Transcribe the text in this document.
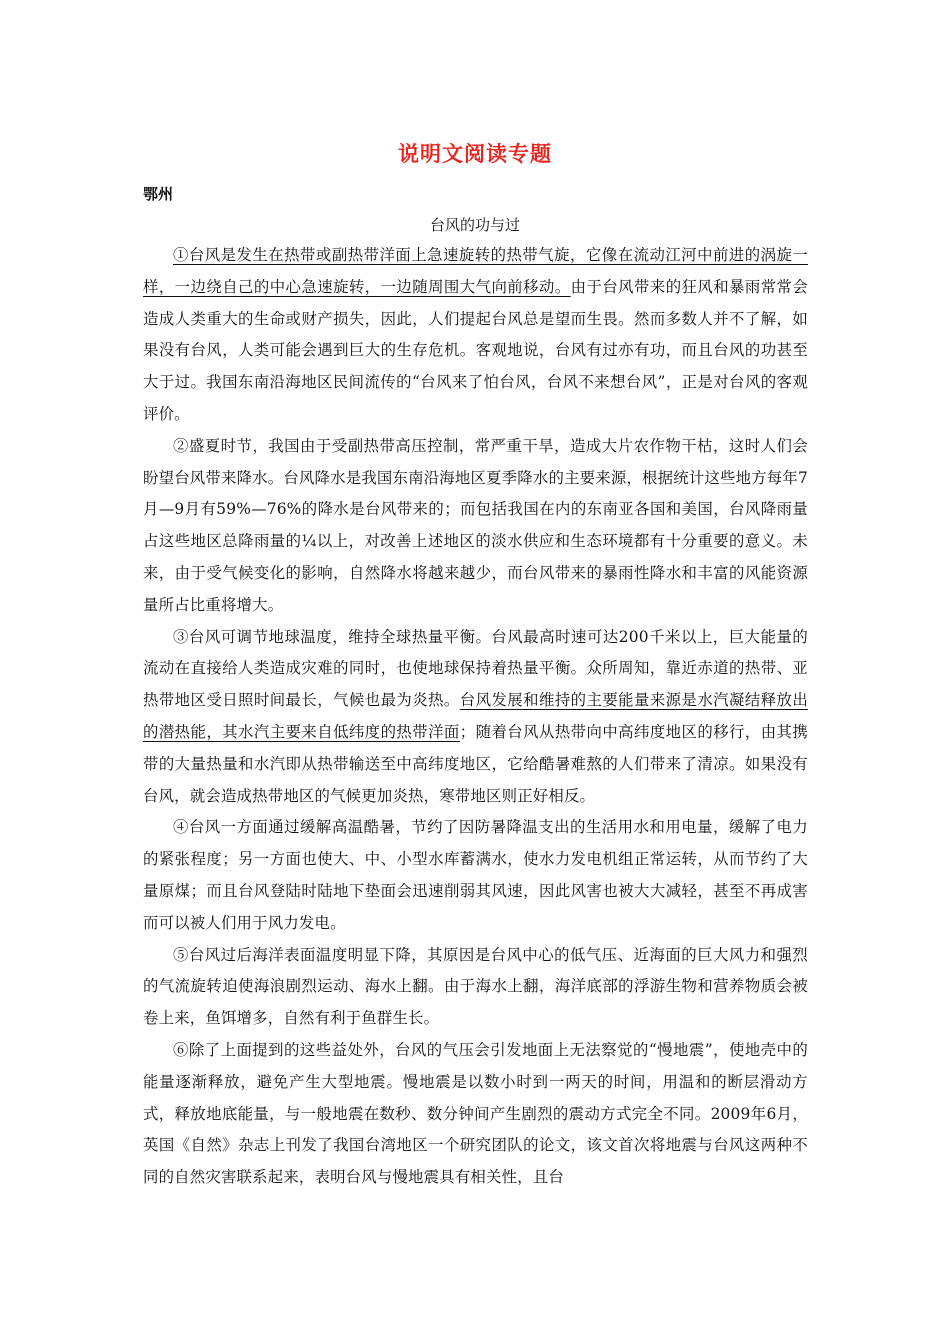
说明文阅读专题
鄂州
台风的功与过

①台风是发生在热带或副热带洋面上急速旋转的热带气旋，它像在流动江河中前进的涡旋一样，一边绕自己的中心急速旋转，一边随周围大气向前移动。由于台风带来的狂风和暴雨常常会造成人类重大的生命或财产损失，因此，人们提起台风总是望而生畏。然而多数人并不了解，如果没有台风，人类可能会遇到巨大的生存危机。客观地说，台风有过亦有功，而且台风的功甚至大于过。我国东南沿海地区民间流传的“台风来了怕台风，台风不来想台风”，正是对台风的客观评价。

②盛夏时节，我国由于受副热带高压控制，常严重干旱，造成大片农作物干枯，这时人们会盼望台风带来降水。台风降水是我国东南沿海地区夏季降水的主要来源，根据统计这些地方每年7月—9月有59%—76%的降水是台风带来的；而包括我国在内的东南亚各国和美国，台风降雨量占这些地区总降雨量的¼以上，对改善上述地区的淡水供应和生态环境都有十分重要的意义。未来，由于受气候变化的影响，自然降水将越来越少，而台风带来的暴雨性降水和丰富的风能资源量所占比重将增大。

③台风可调节地球温度，维持全球热量平衡。台风最高时速可达200千米以上，巨大能量的流动在直接给人类造成灾难的同时，也使地球保持着热量平衡。众所周知，靠近赤道的热带、亚热带地区受日照时间最长，气候也最为炎热。台风发展和维持的主要能量来源是水汽凝结释放出的潜热能，其水汽主要来自低纬度的热带洋面；随着台风从热带向中高纬度地区的移行，由其携带的大量热量和水汽即从热带输送至中高纬度地区，它给酷暑难熬的人们带来了清凉。如果没有台风，就会造成热带地区的气候更加炎热，寒带地区则正好相反。

④台风一方面通过缓解高温酷暑，节约了因防暑降温支出的生活用水和用电量，缓解了电力的紧张程度；另一方面也使大、中、小型水库蓄满水，使水力发电机组正常运转，从而节约了大量原煤；而且台风登陆时陆地下垫面会迅速削弱其风速，因此风害也被大大减轻，甚至不再成害而可以被人们用于风力发电。

⑤台风过后海洋表面温度明显下降，其原因是台风中心的低气压、近海面的巨大风力和强烈的气流旋转迫使海浪剧烈运动、海水上翻。由于海水上翻，海洋底部的浮游生物和营养物质会被卷上来，鱼饵增多，自然有利于鱼群生长。

⑥除了上面提到的这些益处外，台风的气压会引发地面上无法察觉的“慢地震”，使地壳中的能量逐渐释放，避免产生大型地震。慢地震是以数小时到一两天的时间，用温和的断层滑动方式，释放地底能量，与一般地震在数秒、数分钟间产生剧烈的震动方式完全不同。2009年6月，英国《自然》杂志上刊发了我国台湾地区一个研究团队的论文，该文首次将地震与台风这两种不同的自然灾害联系起来，表明台风与慢地震具有相关性，且台
